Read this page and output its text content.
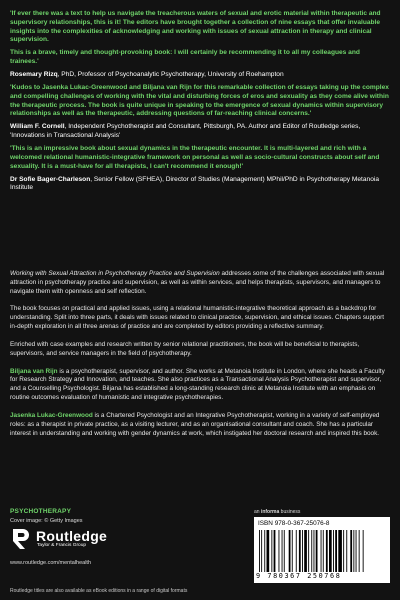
'If ever there was a text to help us navigate the treacherous waters of sexual and erotic material within therapeutic and supervisory relationships, this is it! The editors have brought together a collection of nine essays that offer invaluable insights into the complexities of acknowledging and working with issues of sexual attraction in therapy and clinical supervision.

This is a brave, timely and thought-provoking book: I will certainly be recommending it to all my colleagues and trainees.'

Rosemary Rizq, PhD, Professor of Psychoanalytic Psychotherapy, University of Roehampton

'Kudos to Jasenka Lukac-Greenwood and Biljana van Rijn for this remarkable collection of essays taking up the complex and compelling challenges of working with the vital and disturbing forces of eros and sexuality as they come alive within the therapeutic process. The book is quite unique in speaking to the emergence of sexual dynamics within supervisory relationships as well as the therapeutic, addressing questions of far-reaching clinical concerns.'

William F. Cornell, Independent Psychotherapist and Consultant, Pittsburgh, PA. Author and Editor of Routledge series, 'Innovations in Transactional Analysis'

'This is an impressive book about sexual dynamics in the therapeutic encounter. It is multi-layered and rich with a welcomed relational humanistic-integrative framework on personal as well as socio-cultural constructs about self and sexuality. It is a must-have for all therapists, I can't recommend it enough!'

Dr Sofie Bager-Charleson, Senior Fellow (SFHEA), Director of Studies (Management) MPhil/PhD in Psychotherapy Metanoia Institute

Working with Sexual Attraction in Psychotherapy Practice and Supervision addresses some of the challenges associated with sexual attraction in psychotherapy practice and supervision, as well as within services, and helps therapists, supervisors, and managers to navigate them with openness and self reflection.

The book focuses on practical and applied issues, using a relational humanistic-integrative theoretical approach as a backdrop for understanding. Split into three parts, it deals with issues related to clinical practice, supervision, and ethical issues. Chapters support in-depth exploration in all three arenas of practice and are completed by editors providing a reflective summary.

Enriched with case examples and research written by senior relational practitioners, the book will be beneficial to therapists, supervisors, and service managers in the field of psychotherapy.

Biljana van Rijn is a psychotherapist, supervisor, and author. She works at Metanoia Institute in London, where she heads a Faculty for Research Strategy and Innovation, and teaches. She also practices as a Transactional Analysis Psychotherapist and supervisor, and a Counselling Psychologist. Biljana has established a long-standing research clinic at Metanoia Institute with an emphasis on routine outcomes evaluation of humanistic and integrative psychotherapies.

Jasenka Lukac-Greenwood is a Chartered Psychologist and an Integrative Psychotherapist, working in a variety of self-employed roles: as a therapist in private practice, as a visiting lecturer, and as an organisational consultant and coach. She has a particular interest in understanding and working with gender dynamics at work, which instigated her doctoral research and inspired this book.

PSYCHOTHERAPY
Cover image: © Getty Images
Routledge
Taylor & Francis Group
www.routledge.com/mentalhealth
Routledge titles are also available as eBook editions in a range of digital formats
an informa business
ISBN 978-0-367-25076-8
9 780367 250768
